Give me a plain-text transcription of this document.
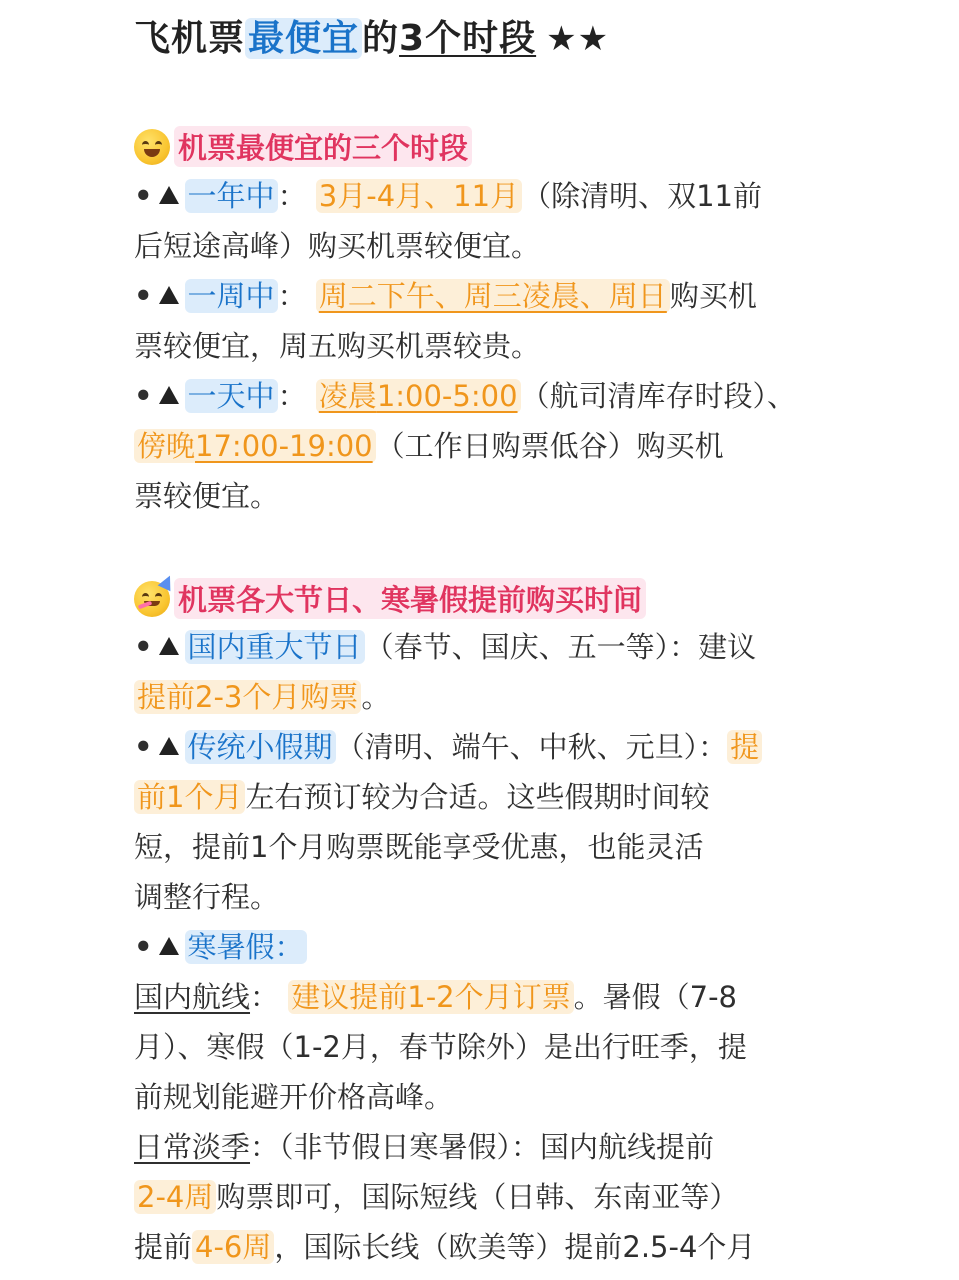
飞机票最便宜的3个时段 ★★
机票最便宜的三个时段
• 一年中 ： 3月-4月、11月 （除清明、双11前
后短途高峰）购买机票较便宜。
• 一周中 ： 周二下午、周三凌晨、周日 购买机
票较便宜，周五购买机票较贵。
• 一天中 ： 凌晨1:00-5:00 （航司清库存时段）、
傍晚17:00-19:00 （工作日购票低谷）购买机
票较便宜。
机票各大节日、寒暑假提前购买时间
• 国内重大节日 （春节、国庆、五一等）：建议
提前2-3个月购票 。
• 传统小假期 （清明、端午、中秋、元旦）： 提
前1个月 左右预订较为合适。这些假期时间较
短，提前1个月购票既能享受优惠，也能灵活
调整行程。
• 寒暑假：
国内航线： 建议提前1-2个月订票 。暑假（7-8
月）、寒假（1-2月，春节除外）是出行旺季，提
前规划能避开价格高峰。
日常淡季：（非节假日寒暑假）：国内航线提前
2-4周 购票即可，国际短线（日韩、东南亚等）
提前 4-6周 ，国际长线（欧美等）提前2.5-4个月
